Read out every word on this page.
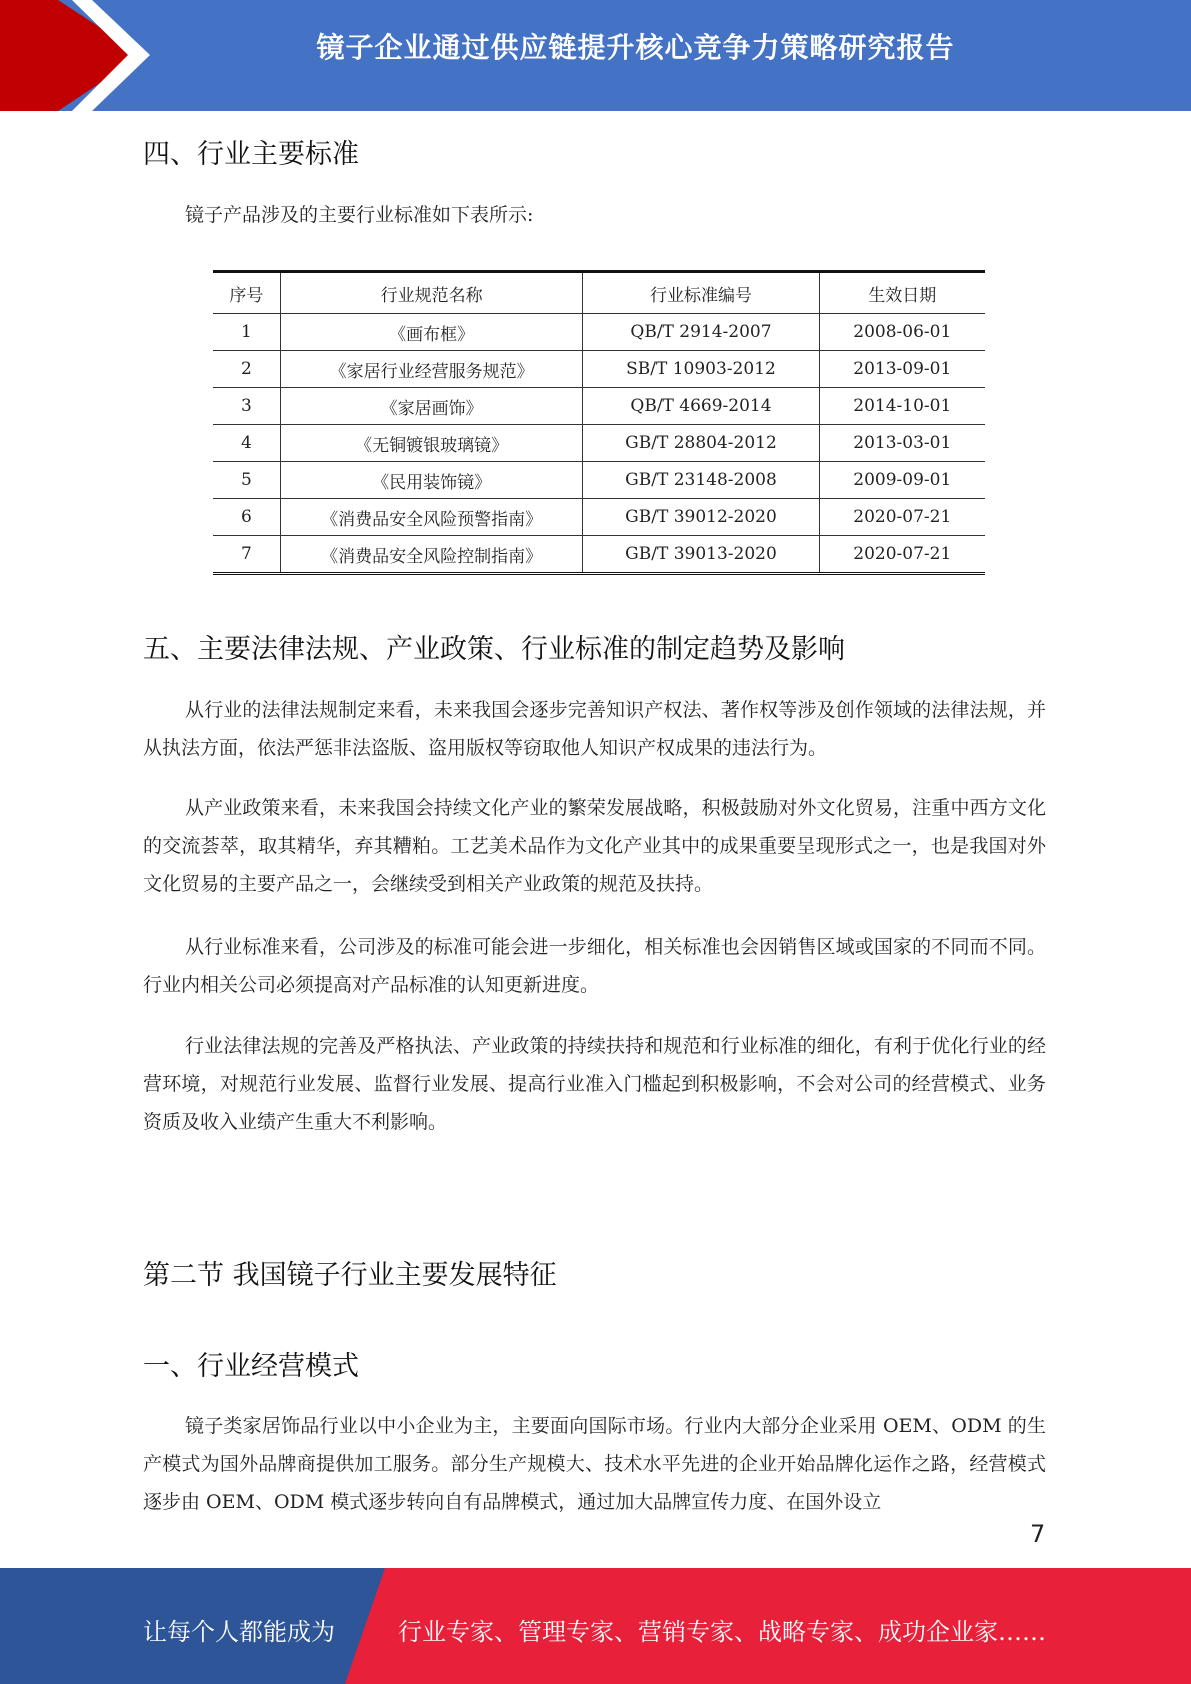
镜子企业通过供应链提升核心竞争力策略研究报告
四、行业主要标准

镜子产品涉及的主要行业标准如下表所示:

序号	行业规范名称	行业标准编号	生效日期
1	《画布框》	QB/T 2914-2007	2008-06-01
2	《家居行业经营服务规范》	SB/T 10903-2012	2013-09-01
3	《家居画饰》	QB/T 4669-2014	2014-10-01
4	《无铜镀银玻璃镜》	GB/T 28804-2012	2013-03-01
5	《民用装饰镜》	GB/T 23148-2008	2009-09-01
6	《消费品安全风险预警指南》	GB/T 39012-2020	2020-07-21
7	《消费品安全风险控制指南》	GB/T 39013-2020	2020-07-21
五、主要法律法规、产业政策、行业标准的制定趋势及影响

从行业的法律法规制定来看，未来我国会逐步完善知识产权法、著作权等涉及创作领域的法律法规，并从执法方面，依法严惩非法盗版、盗用版权等窃取他人知识产权成果的违法行为。

从产业政策来看，未来我国会持续文化产业的繁荣发展战略，积极鼓励对外文化贸易，注重中西方文化的交流荟萃，取其精华，弃其糟粕。工艺美术品作为文化产业其中的成果重要呈现形式之一，也是我国对外文化贸易的主要产品之一，会继续受到相关产业政策的规范及扶持。

从行业标准来看，公司涉及的标准可能会进一步细化，相关标准也会因销售区域或国家的不同而不同。行业内相关公司必须提高对产品标准的认知更新进度。

行业法律法规的完善及严格执法、产业政策的持续扶持和规范和行业标准的细化，有利于优化行业的经营环境，对规范行业发展、监督行业发展、提高行业准入门槛起到积极影响，不会对公司的经营模式、业务资质及收入业绩产生重大不利影响。

第二节 我国镜子行业主要发展特征
一、行业经营模式

镜子类家居饰品行业以中小企业为主，主要面向国际市场。行业内大部分企业采用 OEM、ODM 的生产模式为国外品牌商提供加工服务。部分生产规模大、技术水平先进的企业开始品牌化运作之路，经营模式逐步由 OEM、ODM 模式逐步转向自有品牌模式，通过加大品牌宣传力度、在国外设立

7
让每个人都能成为	行业专家、管理专家、营销专家、战略专家、成功企业家……
